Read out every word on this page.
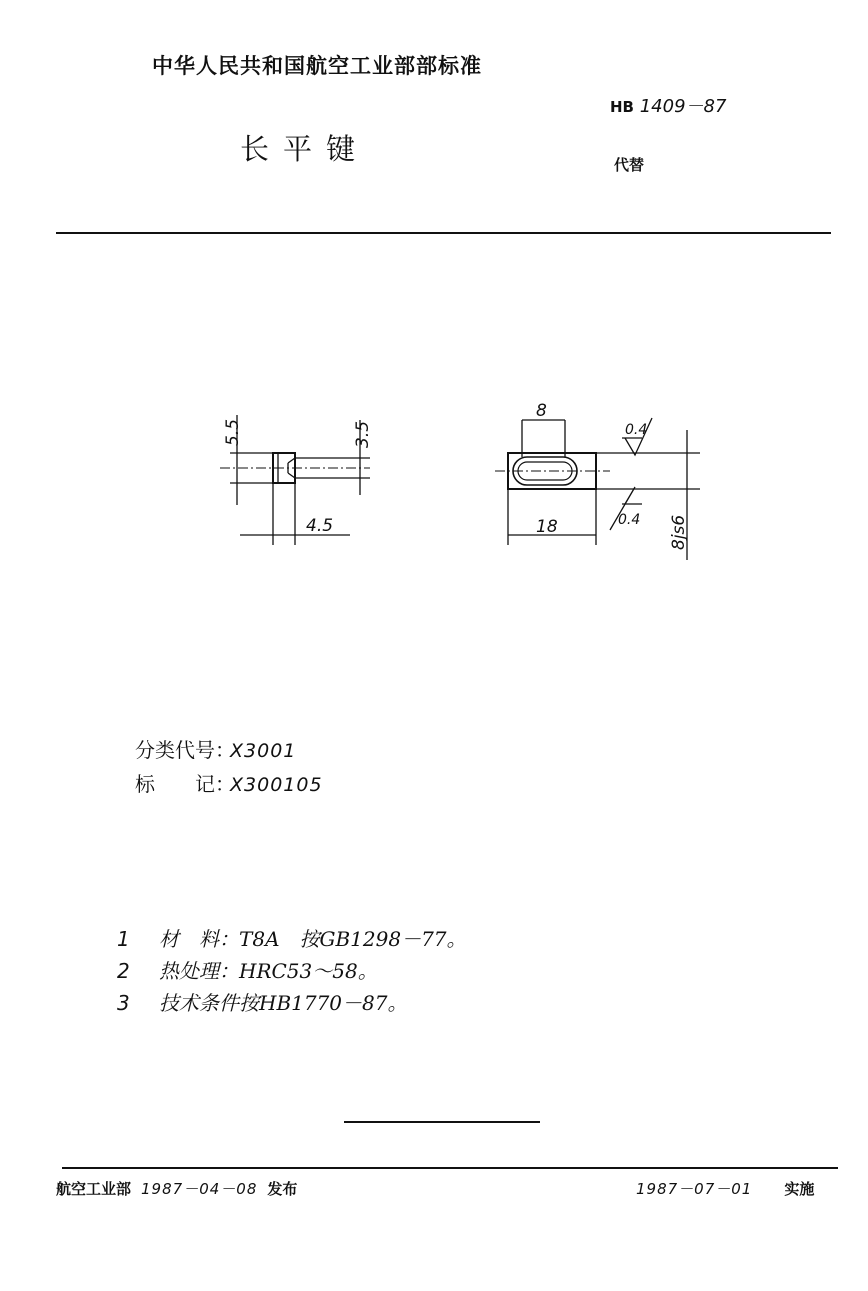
中华人民共和国航空工业部部标准
HB 1409－87
长平键	代替
5.5	3.5
4.5
8
18	8js6
0.4
0.4
分类代号：X3001
标　　记：X300105
1 材　料：T8A　按GB1298－77。
2 热处理：HRC53～58。
3 技术条件按HB1770－87。
航空工业部 1987－04－08 发布	1987－07－01 实施
